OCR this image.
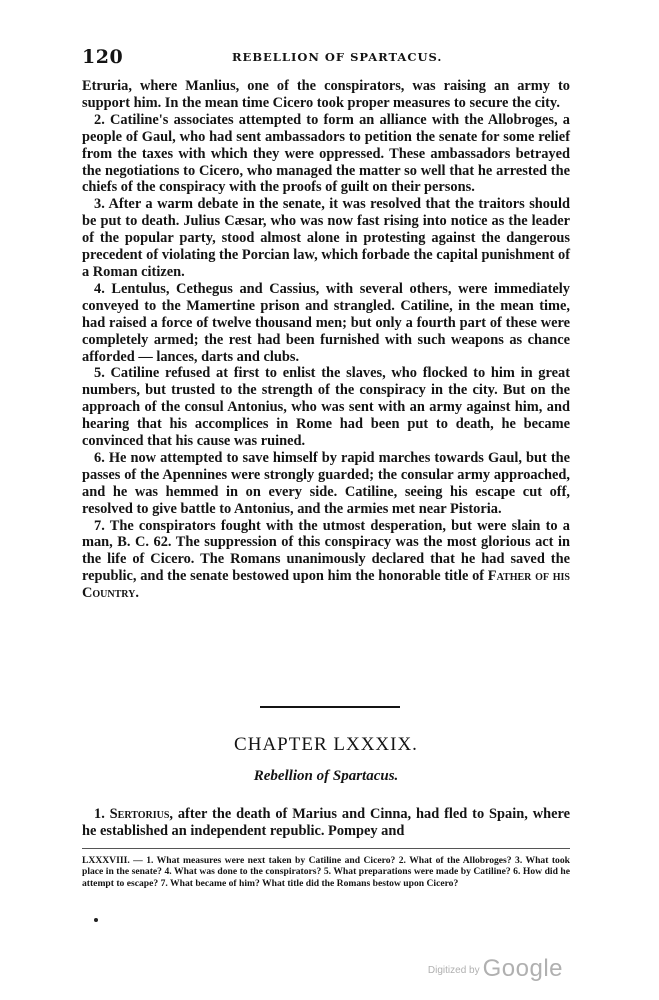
120	REBELLION OF SPARTACUS.

Etruria, where Manlius, one of the conspirators, was raising an army to support him. In the mean time Cicero took proper measures to secure the city.

2. Catiline's associates attempted to form an alliance with the Allobroges, a people of Gaul, who had sent ambassadors to petition the senate for some relief from the taxes with which they were oppressed. These ambassadors betrayed the negotiations to Cicero, who managed the matter so well that he arrested the chiefs of the conspiracy with the proofs of guilt on their persons.

3. After a warm debate in the senate, it was resolved that the traitors should be put to death. Julius Cæsar, who was now fast rising into notice as the leader of the popular party, stood almost alone in protesting against the dangerous precedent of violating the Porcian law, which forbade the capital punishment of a Roman citizen.

4. Lentulus, Cethegus and Cassius, with several others, were immediately conveyed to the Mamertine prison and strangled. Catiline, in the mean time, had raised a force of twelve thousand men; but only a fourth part of these were completely armed; the rest had been furnished with such weapons as chance afforded — lances, darts and clubs.

5. Catiline refused at first to enlist the slaves, who flocked to him in great numbers, but trusted to the strength of the conspiracy in the city. But on the approach of the consul Antonius, who was sent with an army against him, and hearing that his accomplices in Rome had been put to death, he became convinced that his cause was ruined.

6. He now attempted to save himself by rapid marches towards Gaul, but the passes of the Apennines were strongly guarded; the consular army approached, and he was hemmed in on every side. Catiline, seeing his escape cut off, resolved to give battle to Antonius, and the armies met near Pistoria.

7. The conspirators fought with the utmost desperation, but were slain to a man, B. C. 62. The suppression of this conspiracy was the most glorious act in the life of Cicero. The Romans unanimously declared that he had saved the republic, and the senate bestowed upon him the honorable title of Father of his Country.

CHAPTER LXXXIX.
Rebellion of Spartacus.

1. Sertorius, after the death of Marius and Cinna, had fled to Spain, where he established an independent republic. Pompey and

LXXXVIII. — 1. What measures were next taken by Catiline and Cicero? 2. What of the Allobroges? 3. What took place in the senate? 4. What was done to the conspirators? 5. What preparations were made by Catiline? 6. How did he attempt to escape? 7. What became of him? What title did the Romans bestow upon Cicero?
Digitized by Google
